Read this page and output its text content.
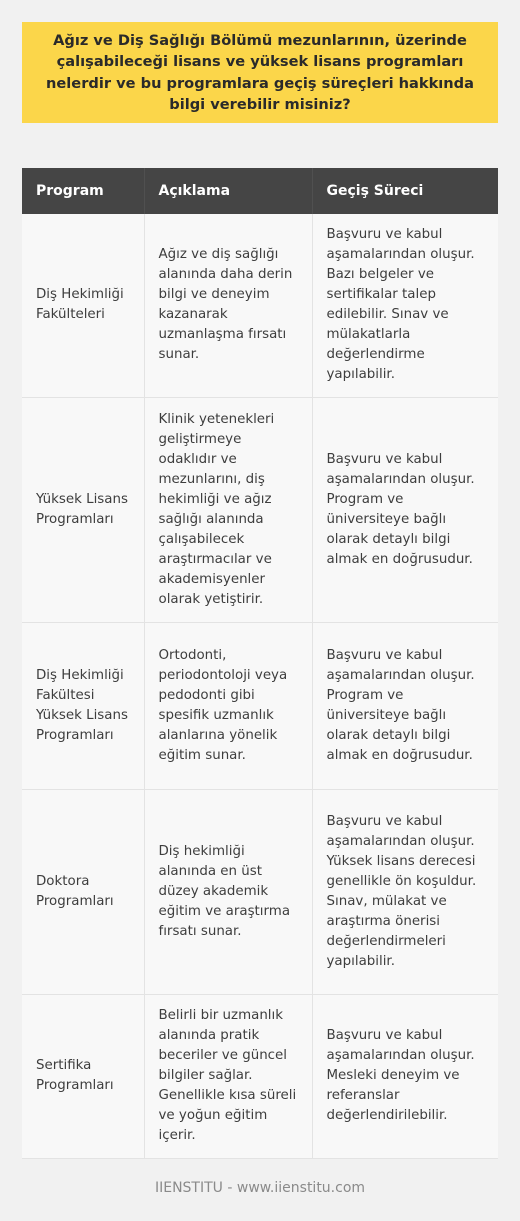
Ağız ve Diş Sağlığı Bölümü mezunlarının, üzerinde çalışabileceği lisans ve yüksek lisans programları nelerdir ve bu programlara geçiş süreçleri hakkında bilgi verebilir misiniz?
Program	Açıklama	Geçiş Süreci
Diş Hekimliği Fakülteleri	Ağız ve diş sağlığı alanında daha derin bilgi ve deneyim kazanarak uzmanlaşma fırsatı sunar.	Başvuru ve kabul aşamalarından oluşur. Bazı belgeler ve sertifikalar talep edilebilir. Sınav ve mülakatlarla değerlendirme yapılabilir.
Yüksek Lisans Programları	Klinik yetenekleri geliştirmeye odaklıdır ve mezunlarını, diş hekimliği ve ağız sağlığı alanında çalışabilecek araştırmacılar ve akademisyenler olarak yetiştirir.	Başvuru ve kabul aşamalarından oluşur. Program ve üniversiteye bağlı olarak detaylı bilgi almak en doğrusudur.
Diş Hekimliği Fakültesi Yüksek Lisans Programları	Ortodonti, periodontoloji veya pedodonti gibi spesifik uzmanlık alanlarına yönelik eğitim sunar.	Başvuru ve kabul aşamalarından oluşur. Program ve üniversiteye bağlı olarak detaylı bilgi almak en doğrusudur.
Doktora Programları	Diş hekimliği alanında en üst düzey akademik eğitim ve araştırma fırsatı sunar.	Başvuru ve kabul aşamalarından oluşur. Yüksek lisans derecesi genellikle ön koşuldur. Sınav, mülakat ve araştırma önerisi değerlendirmeleri yapılabilir.
Sertifika Programları	Belirli bir uzmanlık alanında pratik beceriler ve güncel bilgiler sağlar. Genellikle kısa süreli ve yoğun eğitim içerir.	Başvuru ve kabul aşamalarından oluşur. Mesleki deneyim ve referanslar değerlendirilebilir.
IIENSTITU - www.iienstitu.com
